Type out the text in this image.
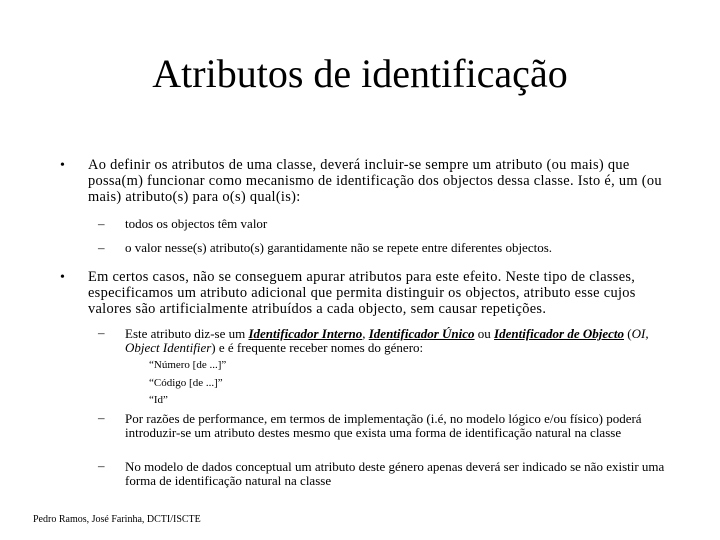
Atributos de identificação
• Ao definir os atributos de uma classe, deverá incluir-se sempre um atributo (ou mais) que possa(m) funcionar como mecanismo de identificação dos objectos dessa classe. Isto é, um (ou mais) atributo(s) para o(s) qual(is):
– todos os objectos têm valor
– o valor nesse(s) atributo(s) garantidamente não se repete entre diferentes objectos.
• Em certos casos, não se conseguem apurar atributos para este efeito. Neste tipo de classes, especificamos um atributo adicional que permita distinguir os objectos, atributo esse cujos valores são artificialmente atribuídos a cada objecto, sem causar repetições.
– Este atributo diz-se um Identificador Interno, Identificador Único ou Identificador de Objecto (OI, Object Identifier) e é frequente receber nomes do género:
“Número [de ...]”
“Código [de ...]”
“Id”
– Por razões de performance, em termos de implementação (i.é, no modelo lógico e/ou físico) poderá introduzir-se um atributo destes mesmo que exista uma forma de identificação natural na classe
– No modelo de dados conceptual um atributo deste género apenas deverá ser indicado se não existir uma forma de identificação natural na classe
Pedro Ramos, José Farinha, DCTI/ISCTE
